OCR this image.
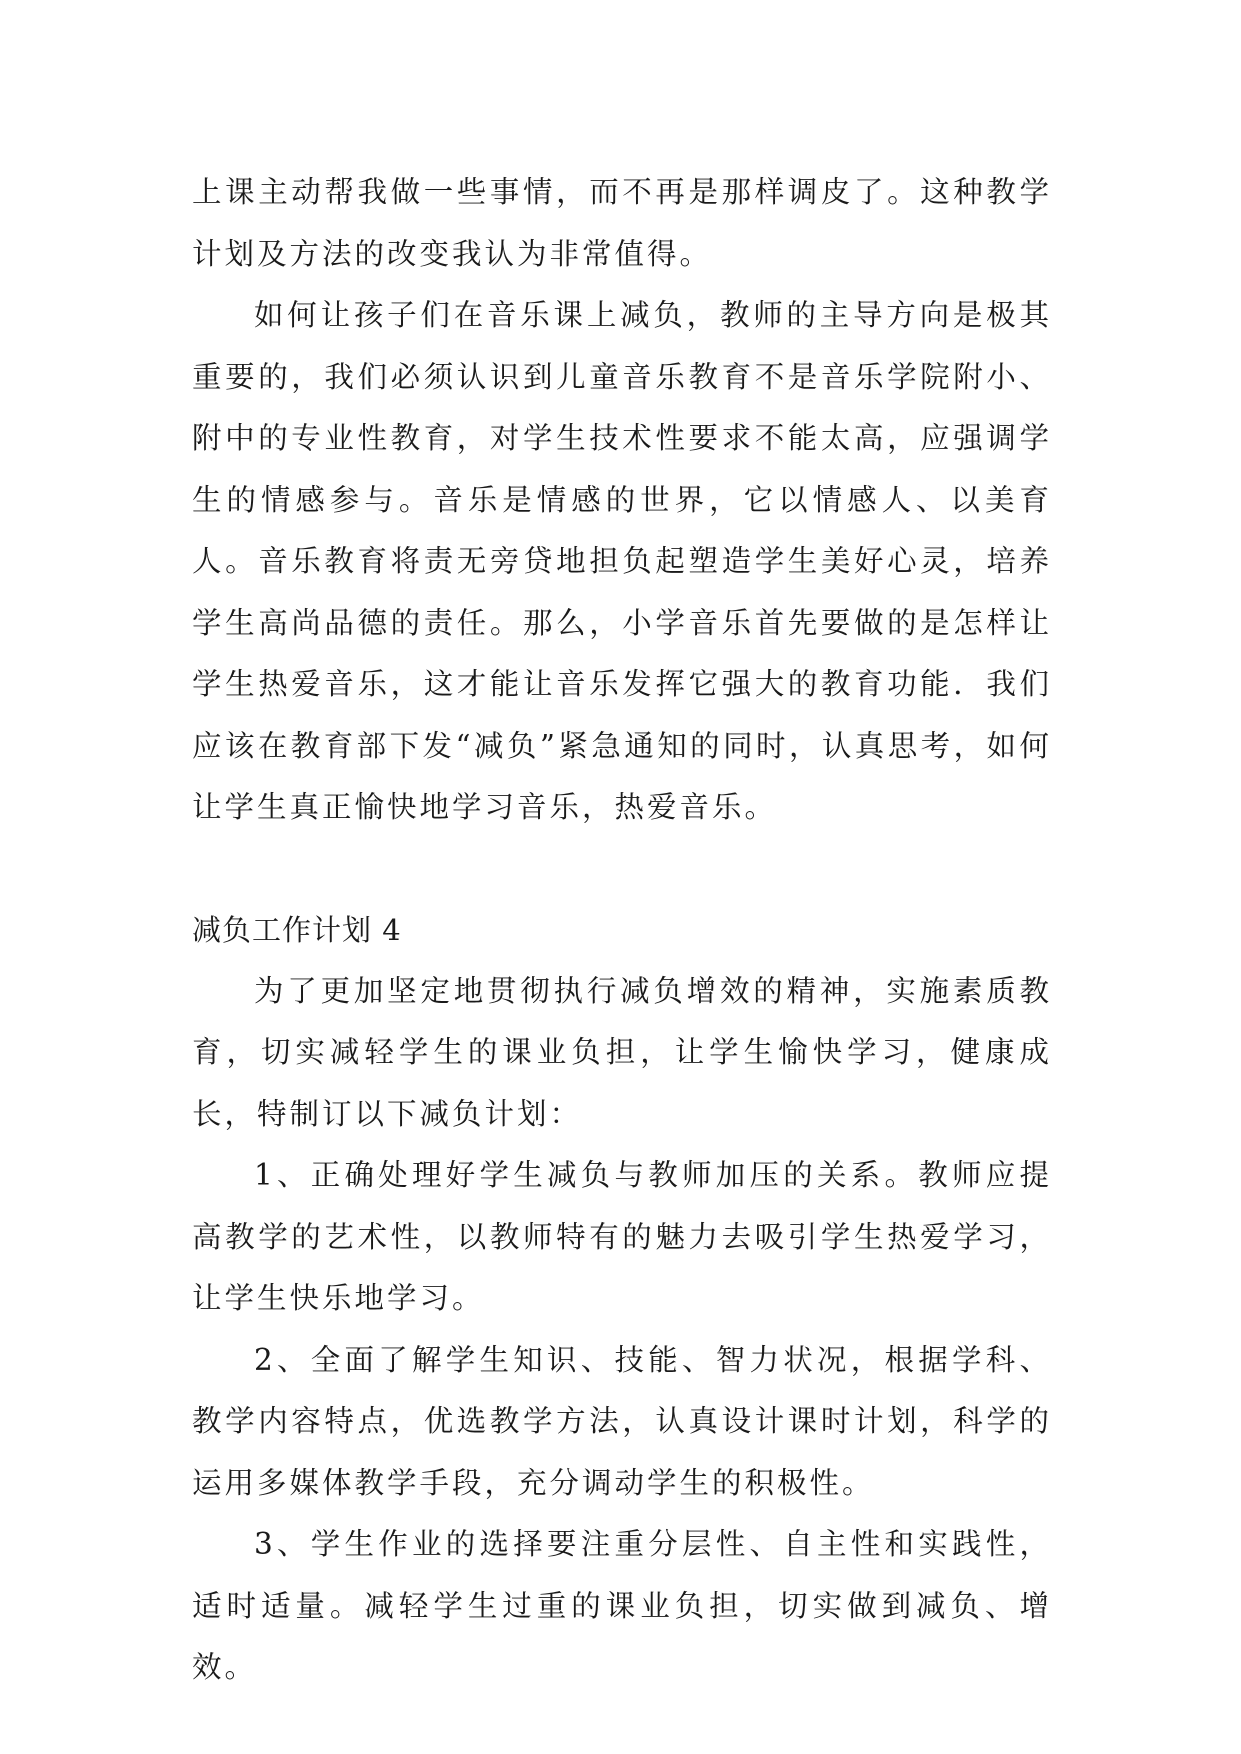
上课主动帮我做一些事情，而不再是那样调皮了。这种教学计划及方法的改变我认为非常值得。

如何让孩子们在音乐课上减负，教师的主导方向是极其重要的，我们必须认识到儿童音乐教育不是音乐学院附小、附中的专业性教育，对学生技术性要求不能太高，应强调学生的情感参与。音乐是情感的世界，它以情感人、以美育人。音乐教育将责无旁贷地担负起塑造学生美好心灵，培养学生高尚品德的责任。那么，小学音乐首先要做的是怎样让学生热爱音乐，这才能让音乐发挥它强大的教育功能．我们应该在教育部下发“减负”紧急通知的同时，认真思考，如何让学生真正愉快地学习音乐，热爱音乐。

减负工作计划 4

为了更加坚定地贯彻执行减负增效的精神，实施素质教育，切实减轻学生的课业负担，让学生愉快学习，健康成长，特制订以下减负计划：

1、正确处理好学生减负与教师加压的关系。教师应提高教学的艺术性，以教师特有的魅力去吸引学生热爱学习，让学生快乐地学习。

2、全面了解学生知识、技能、智力状况，根据学科、教学内容特点，优选教学方法，认真设计课时计划，科学的运用多媒体教学手段，充分调动学生的积极性。

3、学生作业的选择要注重分层性、自主性和实践性，适时适量。减轻学生过重的课业负担，切实做到减负、增效。
